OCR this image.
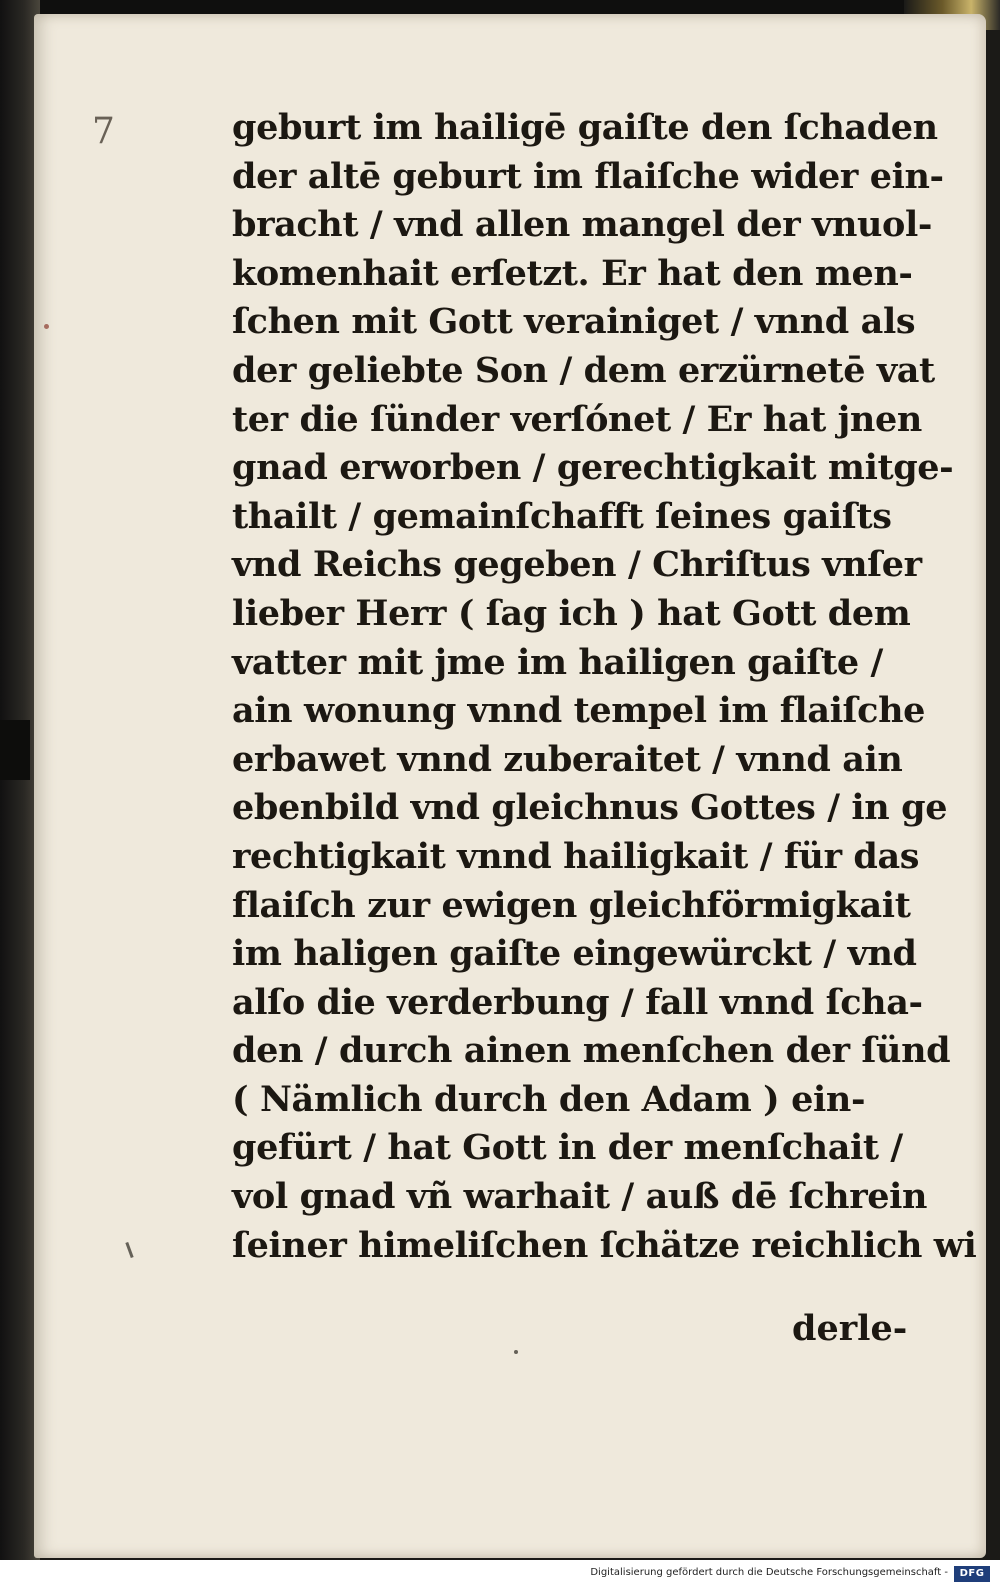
7	geburt im hailigē gaiſte den ſchaden
der altē geburt im flaiſche wider ein-
bracht / vnd allen mangel der vnuol-
komenhait erſetzt. Er hat den men-
ſchen mit Gott verainiget / vnnd als
der geliebte Son / dem erzürnetē vat
ter die ſünder verſónet / Er hat jnen
gnad erworben / gerechtigkait mitge-
thailt / gemainſchafft ſeines gaiſts
vnd Reichs gegeben / Chriſtus vnſer
lieber Herr ( ſag ich ) hat Gott dem
vatter mit jme im hailigen gaiſte /
ain wonung vnnd tempel im flaiſche
erbawet vnnd zuberaitet / vnnd ain
ebenbild vnd gleichnus Gottes / in ge
rechtigkait vnnd hailigkait / für das
flaiſch zur ewigen gleichförmigkait
im haligen gaiſte eingewürckt / vnd
alſo die verderbung / fall vnnd ſcha-
den / durch ainen menſchen der ſünd
( Nämlich durch den Adam ) ein-
gefürt / hat Gott in der menſchait /
vol gnad vñ warhait / auß dē ſchrein
ſeiner himeliſchen ſchätze reichlich wi
derle-
Digitalisierung gefördert durch die Deutsche Forschungsgemeinschaft -	DFG
